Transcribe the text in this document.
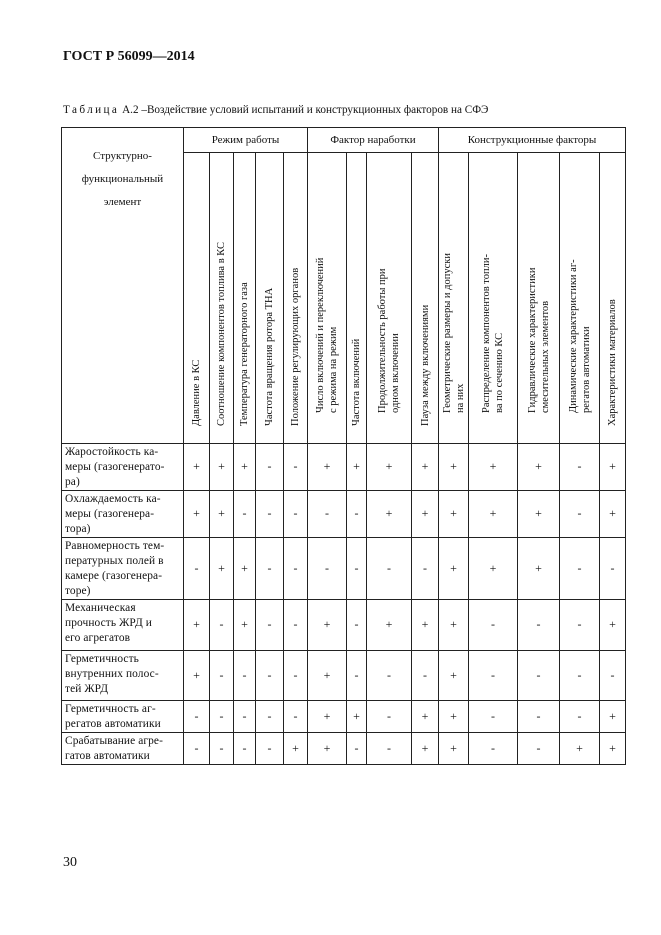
ГОСТ Р 56099—2014
Таблица А.2 –Воздействие условий испытаний и конструкционных факторов на СФЭ
Структурно-
функциональный
элемент	Режим работы					Фактор наработки				Конструкционные факторы				

	Давление в КС	Соотношение компонентов топлива в КС	Температура генераторного газа	Частота вращения ротора ТНА	Положение регулирующих органов	Число включений и переключений с режима на режим	Частота включений	Продолжительность работы при одном включении	Пауза между включениями	Геометрические размеры и допуски на них	Распределение компонентов топли- ва по сечению КС	Гидравлические характеристики смесительных элементов	Динамические характеристики аг- регатов автоматики	Характеристики материалов

Жаростойкость ка-
меры (газогенерато-
ра)	+	+	+	-	-	+	+	+	+	+	+	+	-	+

Охлаждаемость ка-
меры (газогенера-
тора)	+	+	-	-	-	-	-	+	+	+	+	+	-	+

Равномерность тем-
пературных полей в
камере (газогенера-
торе)	-	+	+	-	-	-	-	-	-	+	+	+	-	-

Механическая
прочность ЖРД и
его агрегатов	+	-	+	-	-	+	-	+	+	+	-	-	-	+

Герметичность
внутренних полос-
тей ЖРД	+	-	-	-	-	+	-	-	-	+	-	-	-	-

Герметичность аг-
регатов автоматики	-	-	-	-	-	+	+	-	+	+	-	-	-	+

Срабатывание агре-
гатов автоматики	-	-	-	-	+	+	-	-	+	+	-	-	+	+
30
